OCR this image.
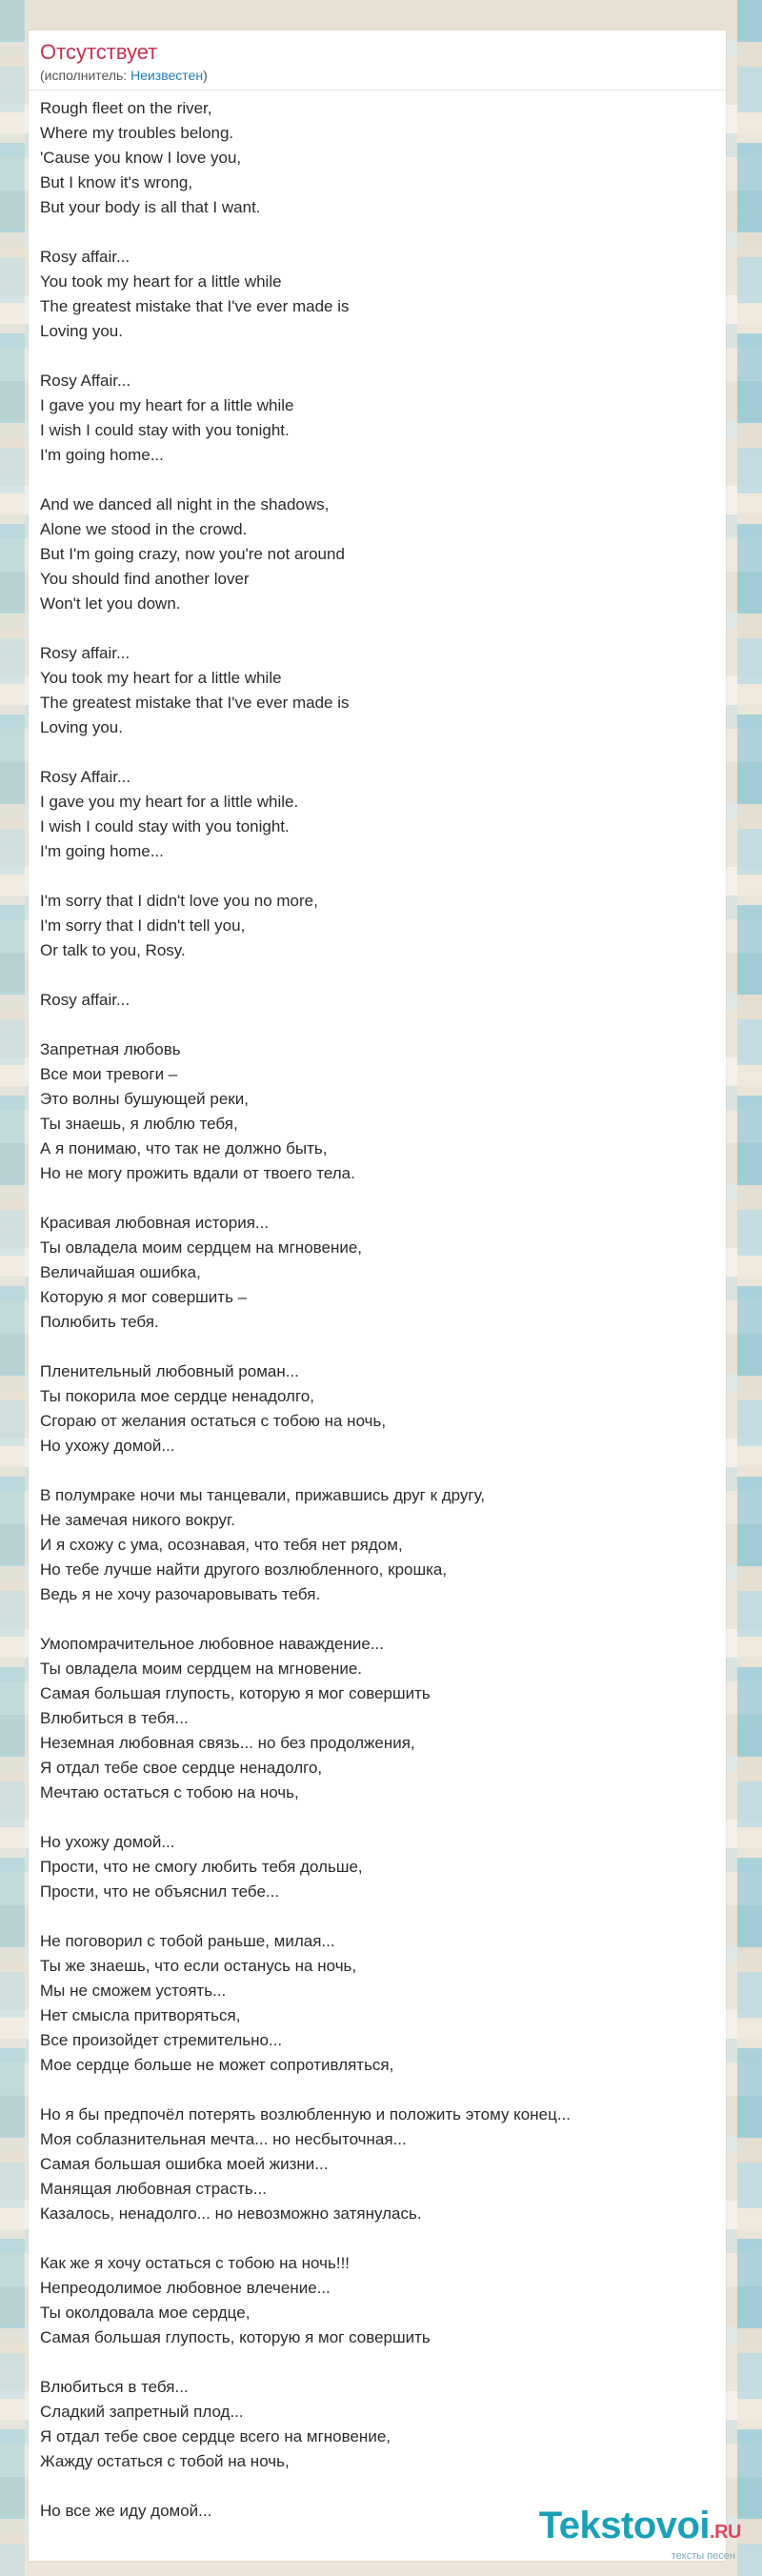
Отсутствует
(исполнитель: Неизвестен)
Rough fleet on the river,
Where my troubles belong.
'Cause you know I love you,
But I know it's wrong,
But your body is all that I want.
Rosy affair...
You took my heart for a little while
The greatest mistake that I've ever made is
Loving you.
Rosy Affair...
I gave you my heart for a little while
I wish I could stay with you tonight.
I'm going home...
And we danced all night in the shadows,
Alone we stood in the crowd.
But I'm going crazy, now you're not around
You should find another lover
Won't let you down.
Rosy affair...
You took my heart for a little while
The greatest mistake that I've ever made is
Loving you.
Rosy Affair...
I gave you my heart for a little while.
I wish I could stay with you tonight.
I'm going home...
I'm sorry that I didn't love you no more,
I'm sorry that I didn't tell you,
Or talk to you, Rosy.
Rosy affair...
Запретная любовь
Все мои тревоги –
Это волны бушующей реки,
Ты знаешь, я люблю тебя,
А я понимаю, что так не должно быть,
Но не могу прожить вдали от твоего тела.
Красивая любовная история...
Ты овладела моим сердцем на мгновение,
Величайшая ошибка,
Которую я мог совершить –
Полюбить тебя.
Пленительный любовный роман...
Ты покорила мое сердце ненадолго,
Сгораю от желания остаться с тобою на ночь,
Но ухожу домой...
В полумраке ночи мы танцевали, прижавшись друг к другу,
Не замечая никого вокруг.
И я схожу с ума, осознавая, что тебя нет рядом,
Но тебе лучше найти другого возлюбленного, крошка,
Ведь я не хочу разочаровывать тебя.
Умопомрачительное любовное наваждение...
Ты овладела моим сердцем на мгновение.
Самая большая глупость, которую я мог совершить
Влюбиться в тебя...
Неземная любовная связь... но без продолжения,
Я отдал тебе свое сердце ненадолго,
Мечтаю остаться с тобою на ночь,
Но ухожу домой...
Прости, что не смогу любить тебя дольше,
Прости, что не объяснил тебе...
Не поговорил с тобой раньше, милая...
Ты же знаешь, что если останусь на ночь,
Мы не сможем устоять...
Нет смысла притворяться,
Все произойдет стремительно...
Мое сердце больше не может сопротивляться,
Но я бы предпочёл потерять возлюбленную и положить этому конец...
Моя соблазнительная мечта... но несбыточная...
Самая большая ошибка моей жизни...
Манящая любовная страсть...
Казалось, ненадолго... но невозможно затянулась.
Как же я хочу остаться с тобою на ночь!!!
Непреодолимое любовное влечение...
Ты околдовала мое сердце,
Самая большая глупость, которую я мог совершить
Влюбиться в тебя...
Сладкий запретный плод...
Я отдал тебе свое сердце всего на мгновение,
Жажду остаться с тобой на ночь,
Но все же иду домой...	Tekstovoi.RU
тексты песен
